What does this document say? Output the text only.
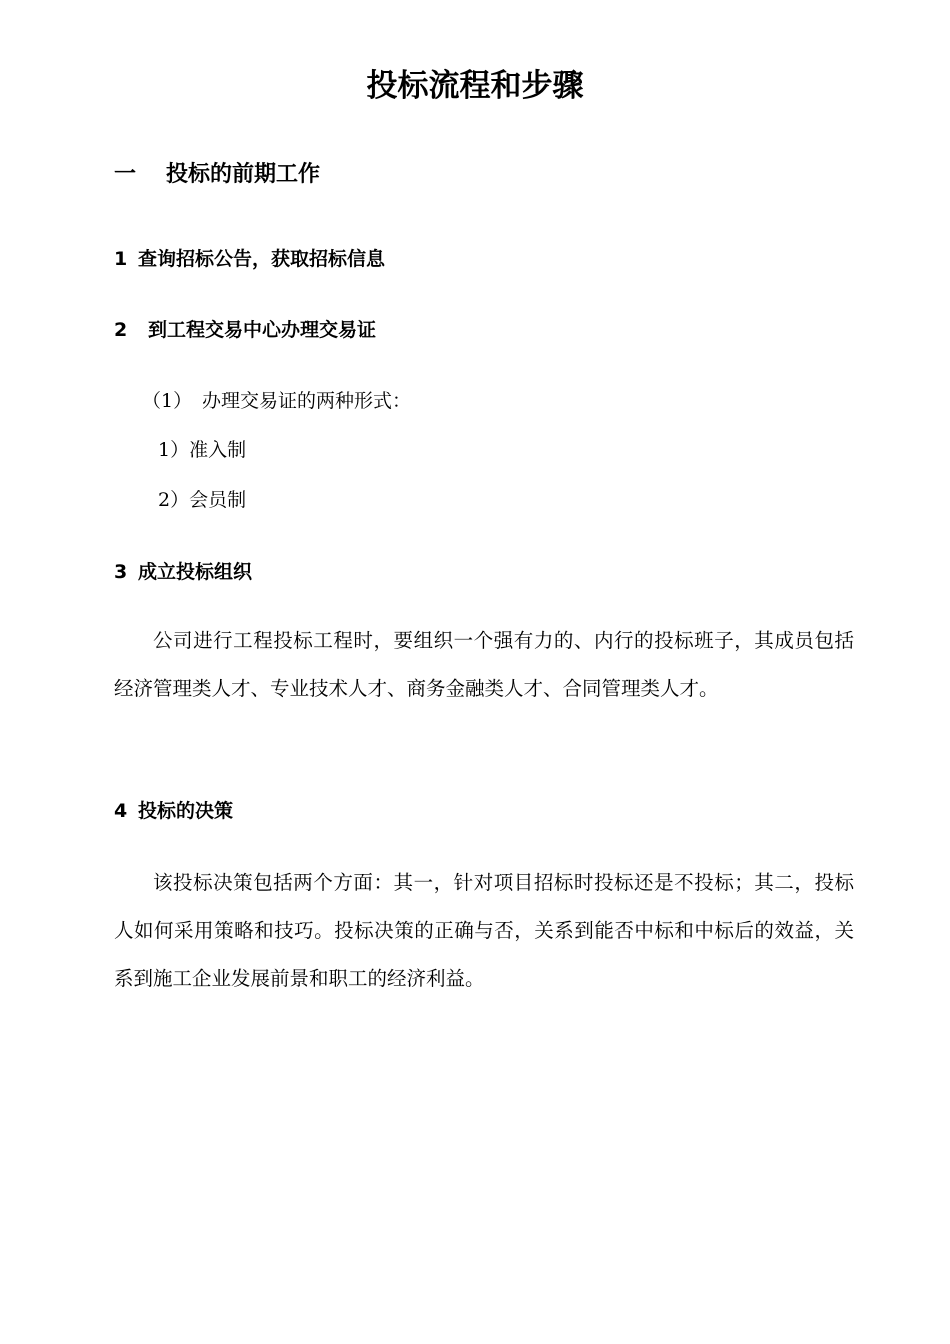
投标流程和步骤
一 投标的前期工作
1 查询招标公告，获取招标信息
2 到工程交易中心办理交易证
（1） 办理交易证的两种形式：
1）准入制
2）会员制
3 成立投标组织
公司进行工程投标工程时，要组织一个强有力的、内行的投标班子，其成员包括经济管理类人才、专业技术人才、商务金融类人才、合同管理类人才。
4 投标的决策
该投标决策包括两个方面：其一，针对项目招标时投标还是不投标；其二，投标人如何采用策略和技巧。投标决策的正确与否，关系到能否中标和中标后的效益，关系到施工企业发展前景和职工的经济利益。
